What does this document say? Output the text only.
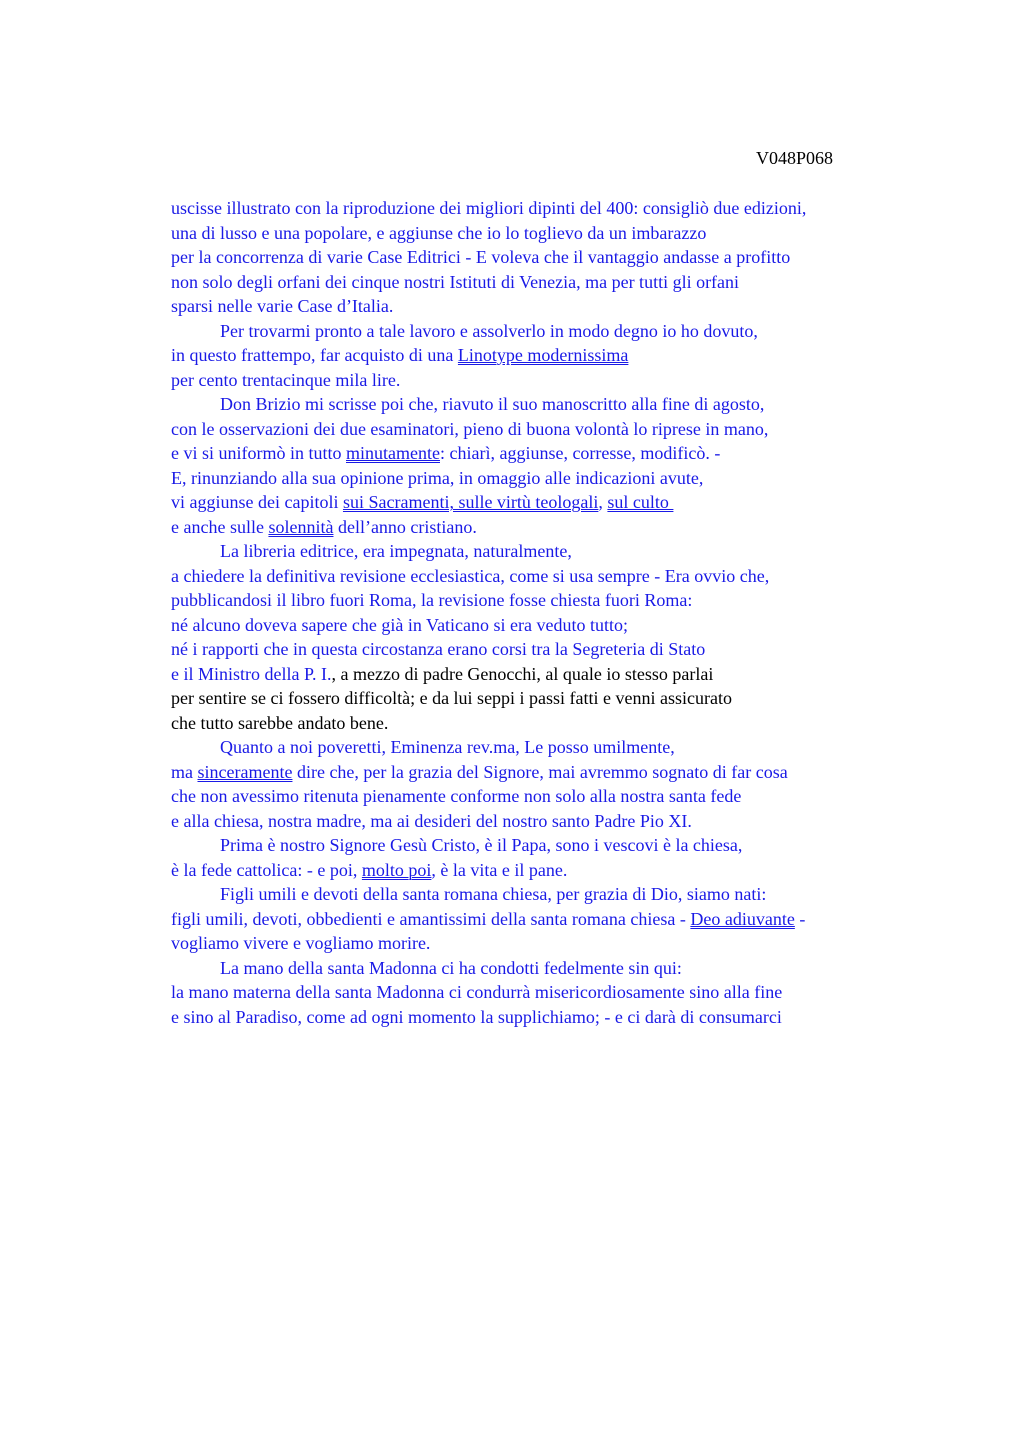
V048P068
uscisse illustrato con la riproduzione dei migliori dipinti del 400: consigliò due edizioni,
una di lusso e una popolare, e aggiunse che io lo toglievo da un imbarazzo
per la concorrenza di varie Case Editrici - E voleva che il vantaggio andasse a profitto
non solo degli orfani dei cinque nostri Istituti di Venezia, ma per tutti gli orfani
sparsi nelle varie Case d’Italia.
Per trovarmi pronto a tale lavoro e assolverlo in modo degno io ho dovuto,
in questo frattempo, far acquisto di una Linotype modernissima
per cento trentacinque mila lire.
Don Brizio mi scrisse poi che, riavuto il suo manoscritto alla fine di agosto,
con le osservazioni dei due esaminatori, pieno di buona volontà lo riprese in mano,
e vi si uniformò in tutto minutamente: chiarì, aggiunse, corresse, modificò. -
E, rinunziando alla sua opinione prima, in omaggio alle indicazioni avute,
vi aggiunse dei capitoli sui Sacramenti, sulle virtù teologali, sul culto
e anche sulle solennità dell’anno cristiano.
La libreria editrice, era impegnata, naturalmente,
a chiedere la definitiva revisione ecclesiastica, come si usa sempre - Era ovvio che,
pubblicandosi il libro fuori Roma, la revisione fosse chiesta fuori Roma:
né alcuno doveva sapere che già in Vaticano si era veduto tutto;
né i rapporti che in questa circostanza erano corsi tra la Segreteria di Stato
e il Ministro della P. I., a mezzo di padre Genocchi, al quale io stesso parlai
per sentire se ci fossero difficoltà; e da lui seppi i passi fatti e venni assicurato
che tutto sarebbe andato bene.
Quanto a noi poveretti, Eminenza rev.ma, Le posso umilmente,
ma sinceramente dire che, per la grazia del Signore, mai avremmo sognato di far cosa
che non avessimo ritenuta pienamente conforme non solo alla nostra santa fede
e alla chiesa, nostra madre, ma ai desideri del nostro santo Padre Pio XI.
Prima è nostro Signore Gesù Cristo, è il Papa, sono i vescovi è la chiesa,
è la fede cattolica: - e poi, molto poi, è la vita e il pane.
Figli umili e devoti della santa romana chiesa, per grazia di Dio, siamo nati:
figli umili, devoti, obbedienti e amantissimi della santa romana chiesa - Deo adiuvante -
vogliamo vivere e vogliamo morire.
La mano della santa Madonna ci ha condotti fedelmente sin qui:
la mano materna della santa Madonna ci condurrà misericordiosamente sino alla fine
e sino al Paradiso, come ad ogni momento la supplichiamo; - e ci darà di consumarci
